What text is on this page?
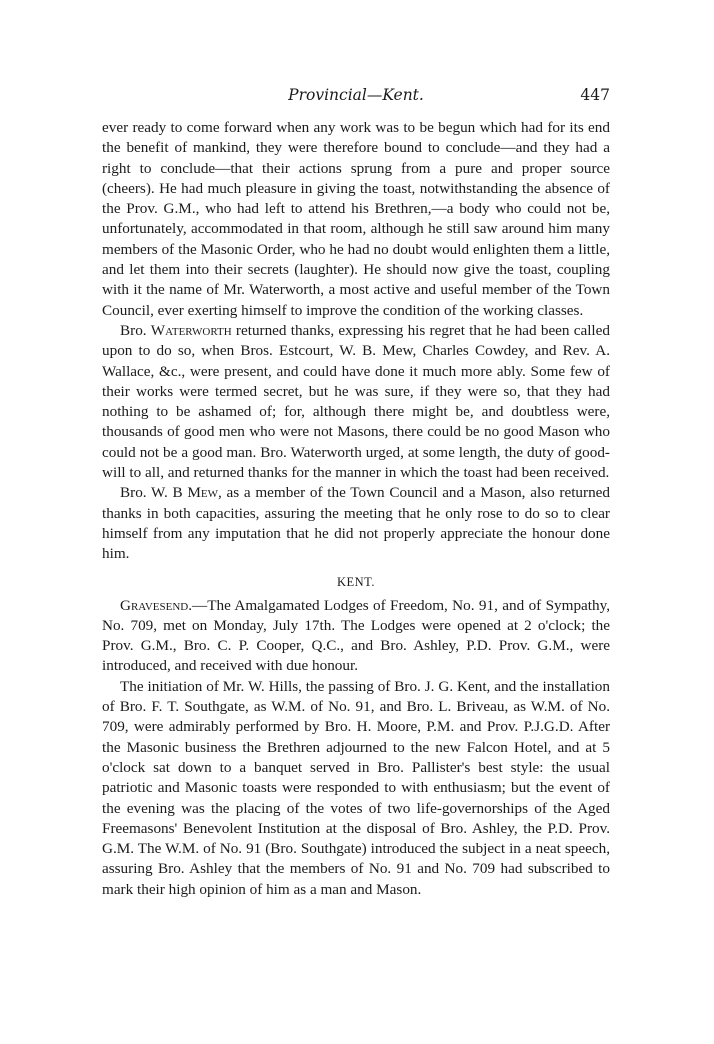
Provincial—Kent.	447

ever ready to come forward when any work was to be begun which had for its end the benefit of mankind, they were therefore bound to conclude—and they had a right to conclude—that their actions sprung from a pure and proper source (cheers). He had much pleasure in giving the toast, notwithstanding the absence of the Prov. G.M., who had left to attend his Brethren,—a body who could not be, unfortunately, accommodated in that room, although he still saw around him many members of the Masonic Order, who he had no doubt would enlighten them a little, and let them into their secrets (laughter). He should now give the toast, coupling with it the name of Mr. Waterworth, a most active and useful member of the Town Council, ever exerting himself to improve the condition of the working classes.

Bro. Waterworth returned thanks, expressing his regret that he had been called upon to do so, when Bros. Estcourt, W. B. Mew, Charles Cowdey, and Rev. A. Wallace, &c., were present, and could have done it much more ably. Some few of their works were termed secret, but he was sure, if they were so, that they had nothing to be ashamed of; for, although there might be, and doubtless were, thousands of good men who were not Masons, there could be no good Mason who could not be a good man. Bro. Waterworth urged, at some length, the duty of good-will to all, and returned thanks for the manner in which the toast had been received.

Bro. W. B Mew, as a member of the Town Council and a Mason, also returned thanks in both capacities, assuring the meeting that he only rose to do so to clear himself from any imputation that he did not properly appreciate the honour done him.

KENT.

Gravesend.—The Amalgamated Lodges of Freedom, No. 91, and of Sympathy, No. 709, met on Monday, July 17th. The Lodges were opened at 2 o'clock; the Prov. G.M., Bro. C. P. Cooper, Q.C., and Bro. Ashley, P.D. Prov. G.M., were introduced, and received with due honour.

The initiation of Mr. W. Hills, the passing of Bro. J. G. Kent, and the installation of Bro. F. T. Southgate, as W.M. of No. 91, and Bro. L. Briveau, as W.M. of No. 709, were admirably performed by Bro. H. Moore, P.M. and Prov. P.J.G.D. After the Masonic business the Brethren adjourned to the new Falcon Hotel, and at 5 o'clock sat down to a banquet served in Bro. Pallister's best style: the usual patriotic and Masonic toasts were responded to with enthusiasm; but the event of the evening was the placing of the votes of two life-governorships of the Aged Freemasons' Benevolent Institution at the disposal of Bro. Ashley, the P.D. Prov. G.M. The W.M. of No. 91 (Bro. Southgate) introduced the subject in a neat speech, assuring Bro. Ashley that the members of No. 91 and No. 709 had subscribed to mark their high opinion of him as a man and Mason.
